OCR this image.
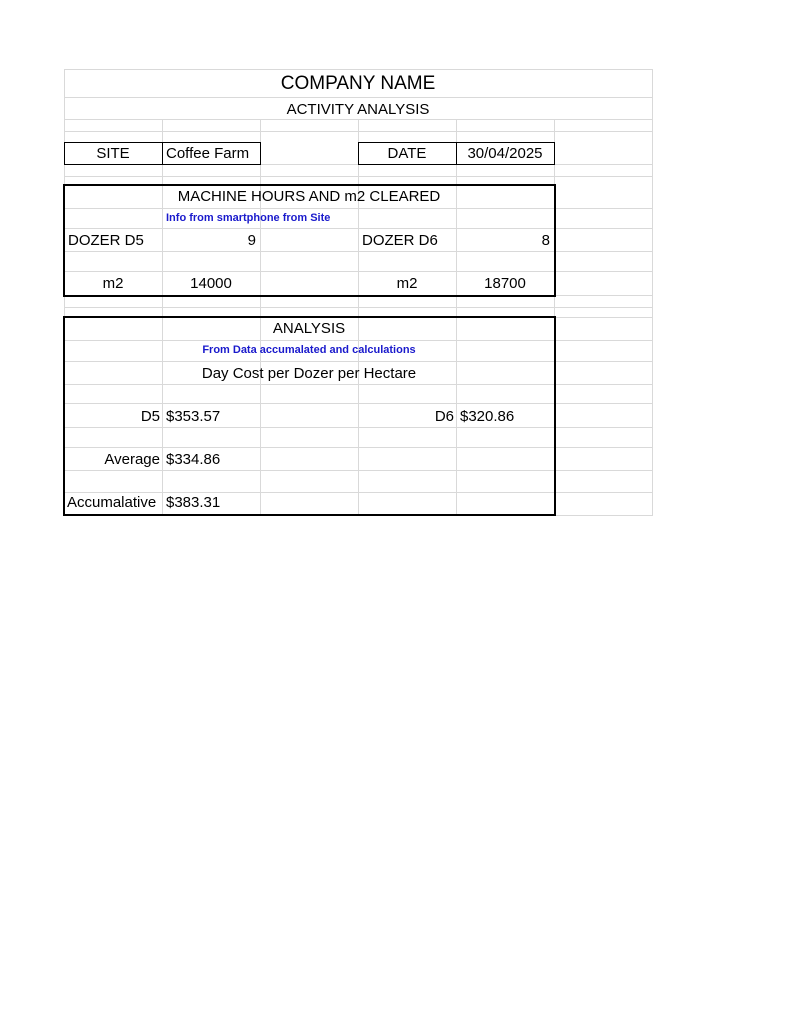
COMPANY NAME
ACTIVITY ANALYSIS
SITE	Coffee Farm	DATE	30/04/2025
MACHINE HOURS AND m2 CLEARED
Info from smartphone from Site
DOZER D5	9	DOZER D6	8
m2	14000	m2	18700
ANALYSIS
From Data accumalated and calculations
Day Cost per Dozer per Hectare
D5 $353.57	D6 $320.86
Average $334.86
Accumalative $383.31
